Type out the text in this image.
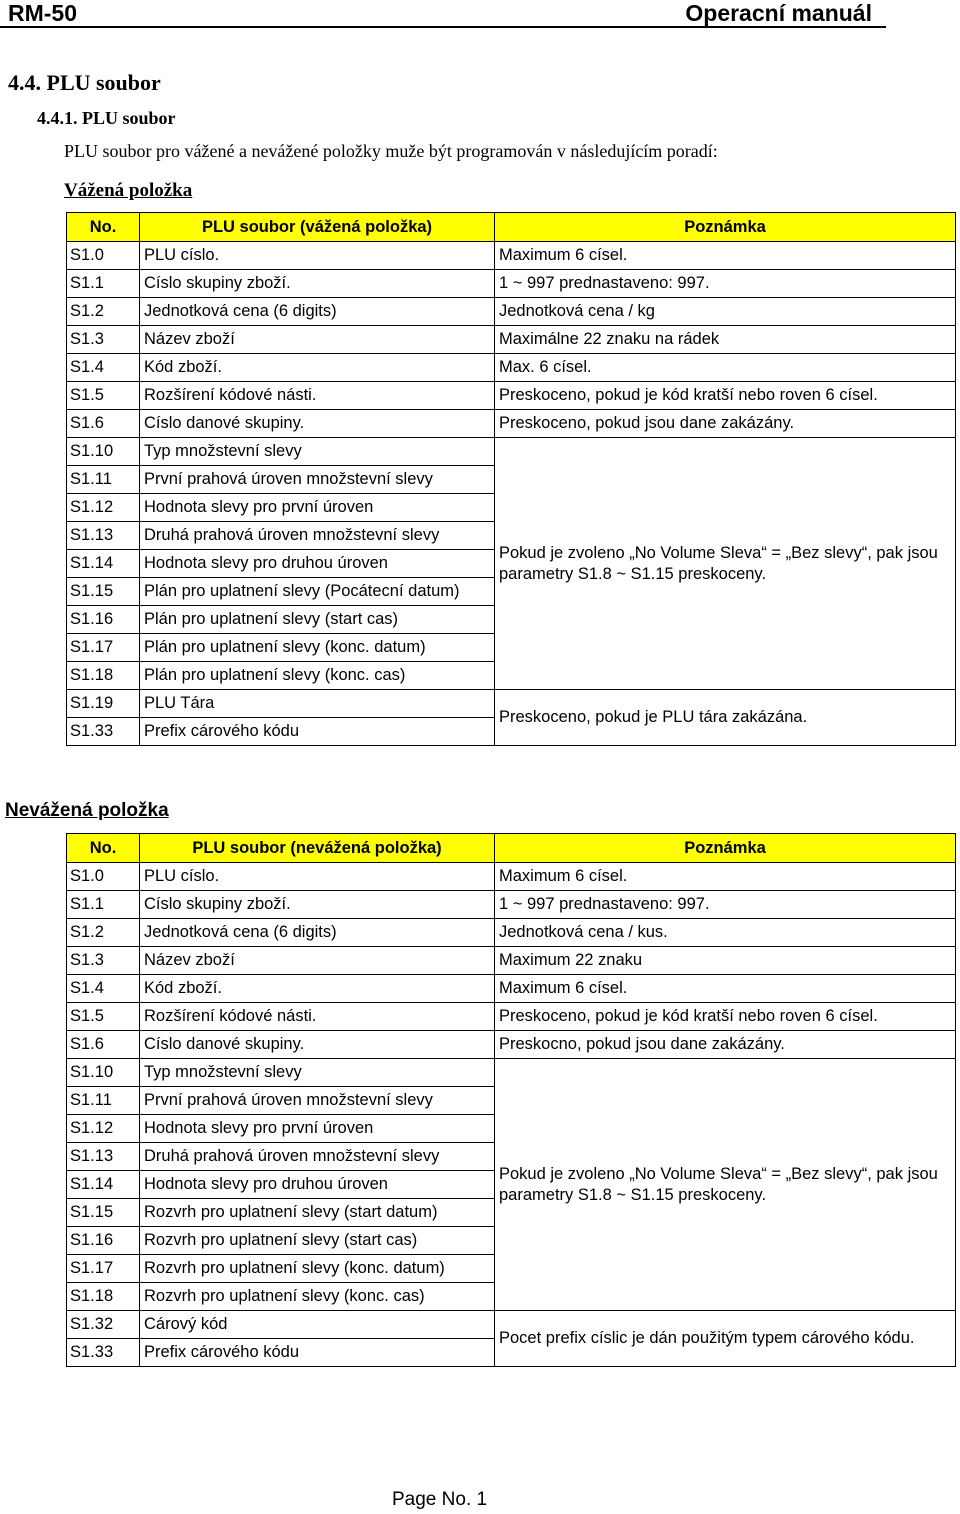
RM-50	Operacní manuál
4.4. PLU soubor
4.4.1. PLU soubor
PLU soubor pro vážené a nevážené položky muže být programován v následujícím poradí:
Vážená položka
No.	PLU soubor (vážená položka)	Poznámka
S1.0	PLU císlo.	Maximum 6 císel.
S1.1	Císlo skupiny zboží.	1 ~ 997 prednastaveno: 997.
S1.2	Jednotková cena (6 digits)	Jednotková cena / kg
S1.3	Název zboží	Maximálne 22 znaku na rádek
S1.4	Kód zboží.	Max. 6 císel.
S1.5	Rozšírení kódové násti.	Preskoceno, pokud je kód kratší nebo roven 6 císel.
S1.6	Císlo danové skupiny.	Preskoceno, pokud jsou dane zakázány.
S1.10	Typ množstevní slevy	Pokud je zvoleno „No Volume Sleva“ = „Bez slevy“, pak jsou parametry S1.8 ~ S1.15 preskoceny.
S1.11	První prahová úroven množstevní slevy	
S1.12	Hodnota slevy pro první úroven	
S1.13	Druhá prahová úroven množstevní slevy	
S1.14	Hodnota slevy pro druhou úroven	
S1.15	Plán pro uplatnení slevy (Pocátecní datum)	
S1.16	Plán pro uplatnení slevy (start cas)	
S1.17	Plán pro uplatnení slevy (konc. datum)	
S1.18	Plán pro uplatnení slevy (konc. cas)	
S1.19	PLU Tára	Preskoceno, pokud je PLU tára zakázána.
S1.33	Prefix cárového kódu	
Nevážená položka
No.	PLU soubor (nevážená položka)	Poznámka
S1.0	PLU císlo.	Maximum 6 císel.
S1.1	Císlo skupiny zboží.	1 ~ 997 prednastaveno: 997.
S1.2	Jednotková cena (6 digits)	Jednotková cena / kus.
S1.3	Název zboží	Maximum 22 znaku
S1.4	Kód zboží.	Maximum 6 císel.
S1.5	Rozšírení kódové násti.	Preskoceno, pokud je kód kratší nebo roven 6 císel.
S1.6	Císlo danové skupiny.	Preskocno, pokud jsou dane zakázány.
S1.10	Typ množstevní slevy	Pokud je zvoleno „No Volume Sleva“ = „Bez slevy“, pak jsou parametry S1.8 ~ S1.15 preskoceny.
S1.11	První prahová úroven množstevní slevy	
S1.12	Hodnota slevy pro první úroven	
S1.13	Druhá prahová úroven množstevní slevy	
S1.14	Hodnota slevy pro druhou úroven	
S1.15	Rozvrh pro uplatnení slevy (start datum)	
S1.16	Rozvrh pro uplatnení slevy (start cas)	
S1.17	Rozvrh pro uplatnení slevy (konc. datum)	
S1.18	Rozvrh pro uplatnení slevy (konc. cas)	
S1.32	Cárový kód	Pocet prefix císlic je dán použitým typem cárového kódu.
S1.33	Prefix cárového kódu	
Page No. 1
